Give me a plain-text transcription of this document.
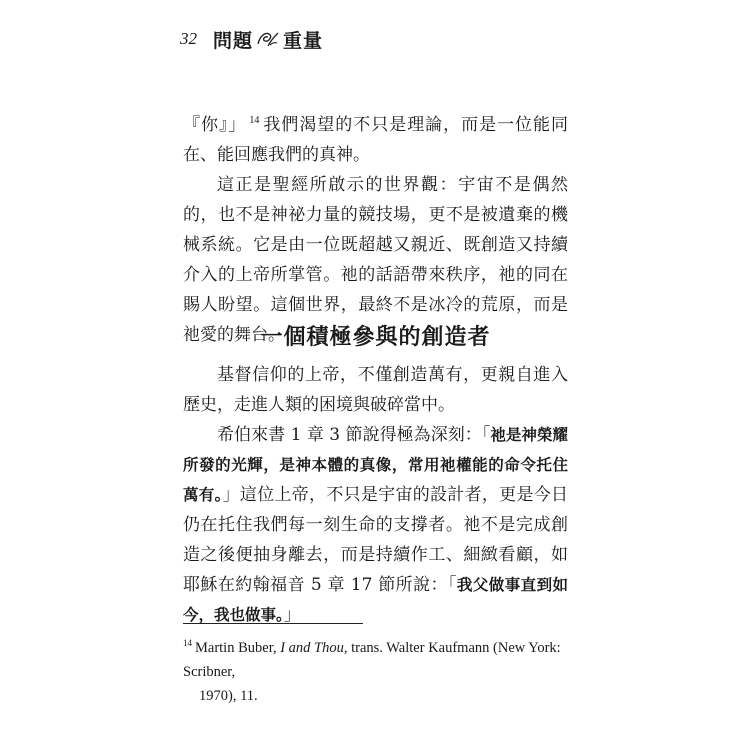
32 問題 重量

『你』」 $^{14}$ 我們渴望的不只是理論，而是一位能同在、能回應我們的真神。

這正是聖經所啟示的世界觀：宇宙不是偶然的，也不是神祕力量的競技場，更不是被遺棄的機械系統。它是由一位既超越又親近、既創造又持續介入的上帝所掌管。祂的話語帶來秩序，祂的同在賜人盼望。這個世界，最終不是冰冷的荒原，而是祂愛的舞台。

一個積極參與的創造者

基督信仰的上帝，不僅創造萬有，更親自進入歷史，走進人類的困境與破碎當中。

希伯來書 1 章 3 節說得極為深刻：「祂是神榮耀所發的光輝，是神本體的真像，常用祂權能的命令托住萬有。」這位上帝，不只是宇宙的設計者，更是今日仍在托住我們每一刻生命的支撐者。祂不是完成創造之後便抽身離去，而是持續作工、細緻看顧，如耶穌在約翰福音 5 章 17 節所說：「我父做事直到如今，我也做事。」

$^{14}$ Martin Buber, I and Thou, trans. Walter Kaufmann (New York: Scribner,
1970), 11.
